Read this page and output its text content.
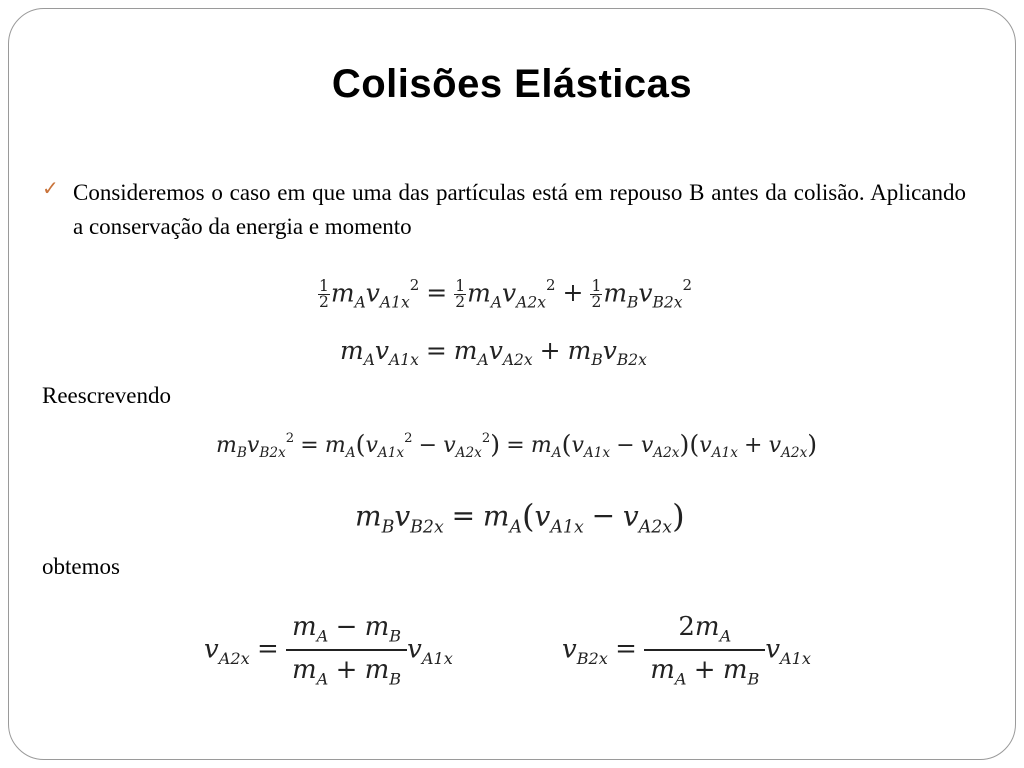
Colisões Elásticas
✓ Consideremos o caso em que uma das partículas está em repouso B antes da colisão. Aplicando a conservação da energia e momento
$\frac{1}{2} m_Av_{A1x}^2 = \frac{1}{2} m_Av_{A2x}^2 + \frac{1}{2} m_Bv_{B2x}^2$
$m_Av_{A1x} = m_Av_{A2x} + m_Bv_{B2x}$
Reescrevendo
$m_Bv_{B2x}^2 = m_A(v_{A1x}^2 - v_{A2x}^2) = m_A(v_{A1x} - v_{A2x})(v_{A1x} + v_{A2x})$
$m_Bv_{B2x} = m_A(v_{A1x} - v_{A2x})$
obtemos
$v_{A2x} = \frac{m_A - m_B}{m_A + m_B} v_{A1x}$	$v_{B2x} = \frac{2m_A}{m_A + m_B} v_{A1x}$
